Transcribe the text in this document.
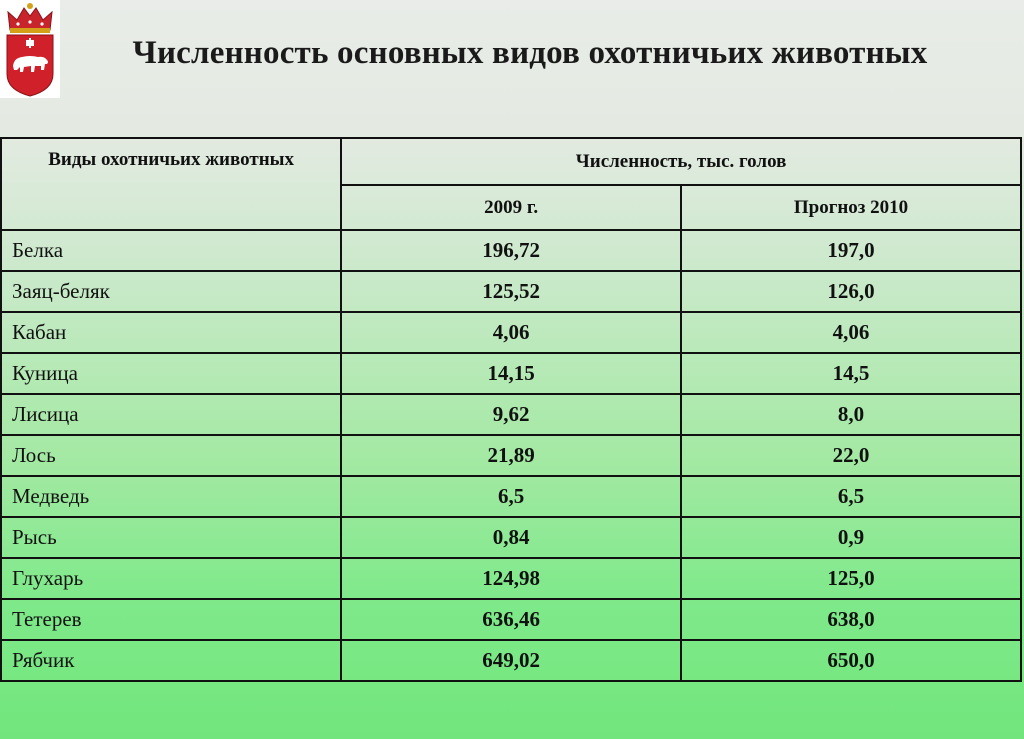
Численность основных видов охотничьих животных
Виды охотничьих животных	Численность, тыс. голов	
	2009 г.	Прогноз 2010
Белка	196,72	197,0
Заяц-беляк	125,52	126,0
Кабан	4,06	4,06
Куница	14,15	14,5
Лисица	9,62	8,0
Лось	21,89	22,0
Медведь	6,5	6,5
Рысь	0,84	0,9
Глухарь	124,98	125,0
Тетерев	636,46	638,0
Рябчик	649,02	650,0
